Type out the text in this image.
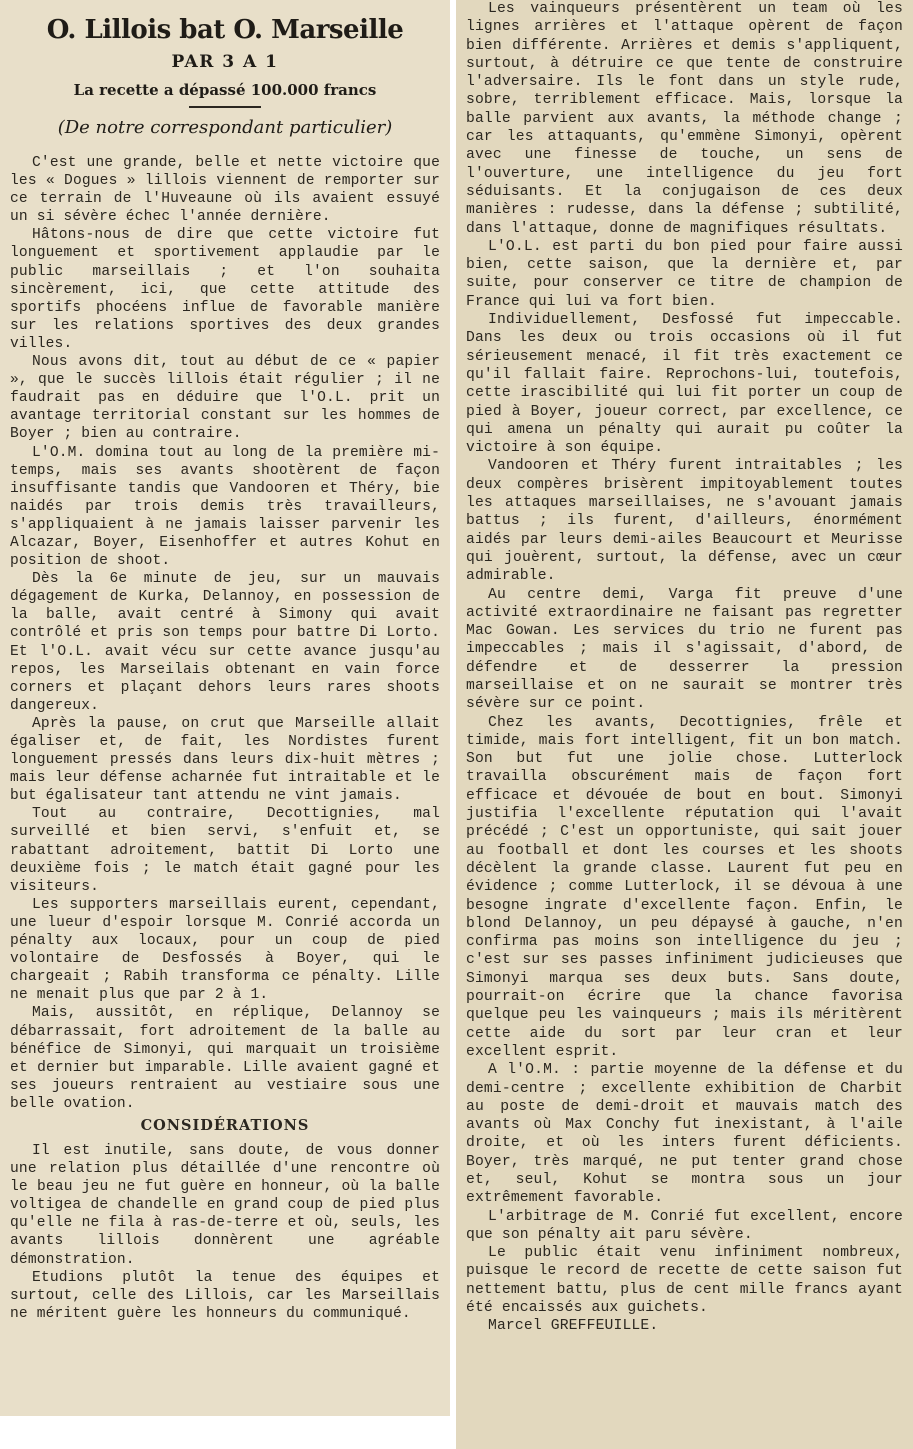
O. Lillois bat O. Marseille
PAR 3 A 1
La recette a dépassé 100.000 francs
(De notre correspondant particulier)

C'est une grande, belle et nette victoire que les « Dogues » lillois viennent de remporter sur ce terrain de l'Huveaune où ils avaient essuyé un si sévère échec l'année dernière.

Hâtons-nous de dire que cette victoire fut longuement et sportivement applaudie par le public marseillais ; et l'on souhaita sincèrement, ici, que cette attitude des sportifs phocéens influe de favorable manière sur les relations sportives des deux grandes villes.

Nous avons dit, tout au début de ce « papier », que le succès lillois était régulier ; il ne faudrait pas en déduire que l'O.L. prit un avantage territorial constant sur les hommes de Boyer ; bien au contraire.

L'O.M. domina tout au long de la première mi-temps, mais ses avants shootèrent de façon insuffisante tandis que Vandooren et Théry, bie naidés par trois demis très travailleurs, s'appliquaient à ne jamais laisser parvenir les Alcazar, Boyer, Eisenhoffer et autres Kohut en position de shoot.

Dès la 6e minute de jeu, sur un mauvais dégagement de Kurka, Delannoy, en possession de la balle, avait centré à Simony qui avait contrôlé et pris son temps pour battre Di Lorto. Et l'O.L. avait vécu sur cette avance jusqu'au repos, les Marseilais obtenant en vain force corners et plaçant dehors leurs rares shoots dangereux.

Après la pause, on crut que Marseille allait égaliser et, de fait, les Nordistes furent longuement pressés dans leurs dix-huit mètres ; mais leur défense acharnée fut intraitable et le but égalisateur tant attendu ne vint jamais.

Tout au contraire, Decottignies, mal surveillé et bien servi, s'enfuit et, se rabattant adroitement, battit Di Lorto une deuxième fois ; le match était gagné pour les visiteurs.

Les supporters marseillais eurent, cependant, une lueur d'espoir lorsque M. Conrié accorda un pénalty aux locaux, pour un coup de pied volontaire de Desfossés à Boyer, qui le chargeait ; Rabih transforma ce pénalty. Lille ne menait plus que par 2 à 1.

Mais, aussitôt, en réplique, Delannoy se débarrassait, fort adroitement de la balle au bénéfice de Simonyi, qui marquait un troisième et dernier but imparable. Lille avaient gagné et ses joueurs rentraient au vestiaire sous une belle ovation.

CONSIDÉRATIONS

Il est inutile, sans doute, de vous donner une relation plus détaillée d'une rencontre où le beau jeu ne fut guère en honneur, où la balle voltigea de chandelle en grand coup de pied plus qu'elle ne fila à ras-de-terre et où, seuls, les avants lillois donnèrent une agréable démonstration.

Etudions plutôt la tenue des équipes et surtout, celle des Lillois, car les Marseillais ne méritent guère les honneurs du communiqué.

Les vainqueurs présentèrent un team où les lignes arrières et l'attaque opèrent de façon bien différente. Arrières et demis s'appliquent, surtout, à détruire ce que tente de construire l'adversaire. Ils le font dans un style rude, sobre, terriblement efficace. Mais, lorsque la balle parvient aux avants, la méthode change ; car les attaquants, qu'emmène Simonyi, opèrent avec une finesse de touche, un sens de l'ouverture, une intelligence du jeu fort séduisants. Et la conjugaison de ces deux manières : rudesse, dans la défense ; subtilité, dans l'attaque, donne de magnifiques résultats.

L'O.L. est parti du bon pied pour faire aussi bien, cette saison, que la dernière et, par suite, pour conserver ce titre de champion de France qui lui va fort bien.

Individuellement, Desfossé fut impeccable. Dans les deux ou trois occasions où il fut sérieusement menacé, il fit très exactement ce qu'il fallait faire. Reprochons-lui, toutefois, cette irascibilité qui lui fit porter un coup de pied à Boyer, joueur correct, par excellence, ce qui amena un pénalty qui aurait pu coûter la victoire à son équipe.

Vandooren et Théry furent intraitables ; les deux compères brisèrent impitoyablement toutes les attaques marseillaises, ne s'avouant jamais battus ; ils furent, d'ailleurs, énormément aidés par leurs demi-ailes Beaucourt et Meurisse qui jouèrent, surtout, la défense, avec un cœur admirable.

Au centre demi, Varga fit preuve d'une activité extraordinaire ne faisant pas regretter Mac Gowan. Les services du trio ne furent pas impeccables ; mais il s'agissait, d'abord, de défendre et de desserrer la pression marseillaise et on ne saurait se montrer très sévère sur ce point.

Chez les avants, Decottignies, frêle et timide, mais fort intelligent, fit un bon match. Son but fut une jolie chose. Lutterlock travailla obscurément mais de façon fort efficace et dévouée de bout en bout. Simonyi justifia l'excellente réputation qui l'avait précédé ; C'est un opportuniste, qui sait jouer au football et dont les courses et les shoots décèlent la grande classe. Laurent fut peu en évidence ; comme Lutterlock, il se dévoua à une besogne ingrate d'excellente façon. Enfin, le blond Delannoy, un peu dépaysé à gauche, n'en confirma pas moins son intelligence du jeu ; c'est sur ses passes infiniment judicieuses que Simonyi marqua ses deux buts. Sans doute, pourrait-on écrire que la chance favorisa quelque peu les vainqueurs ; mais ils méritèrent cette aide du sort par leur cran et leur excellent esprit.

A l'O.M. : partie moyenne de la défense et du demi-centre ; excellente exhibition de Charbit au poste de demi-droit et mauvais match des avants où Max Conchy fut inexistant, à l'aile droite, et où les inters furent déficients. Boyer, très marqué, ne put tenter grand chose et, seul, Kohut se montra sous un jour extrêmement favorable.

L'arbitrage de M. Conrié fut excellent, encore que son pénalty ait paru sévère.

Le public était venu infiniment nombreux, puisque le record de recette de cette saison fut nettement battu, plus de cent mille francs ayant été encaissés aux guichets.

Marcel GREFFEUILLE.
